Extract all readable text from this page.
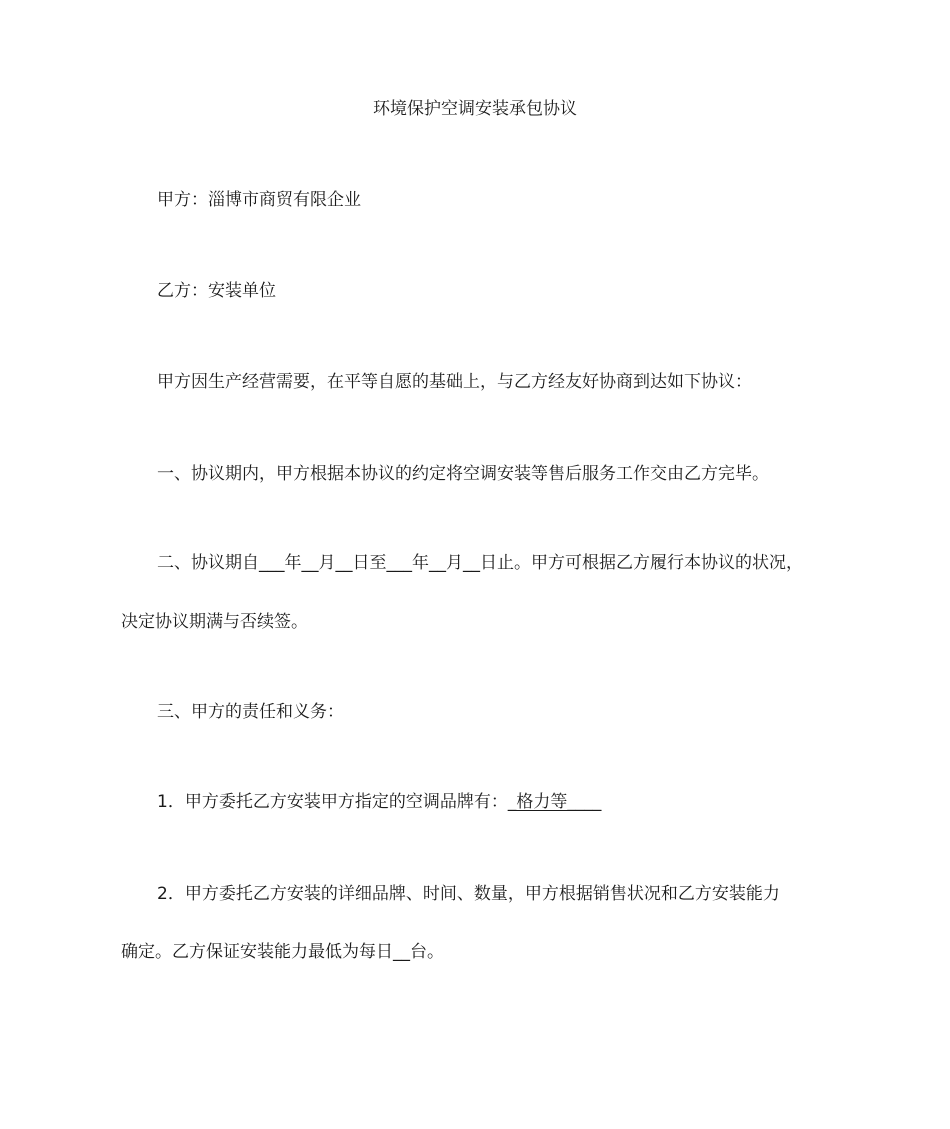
环境保护空调安装承包协议
甲方：淄博市商贸有限企业
乙方：安装单位
甲方因生产经营需要，在平等自愿的基础上，与乙方经友好协商到达如下协议：
一、协议期内，甲方根据本协议的约定将空调安装等售后服务工作交由乙方完毕。
二、协议期自___年__月__日至___年__月__日止。甲方可根据乙方履行本协议的状况，
决定协议期满与否续签。
三、甲方的责任和义务：
1．甲方委托乙方安装甲方指定的空调品牌有：_格力等____
2．甲方委托乙方安装的详细品牌、时间、数量，甲方根据销售状况和乙方安装能力
确定。乙方保证安装能力最低为每日__台。
